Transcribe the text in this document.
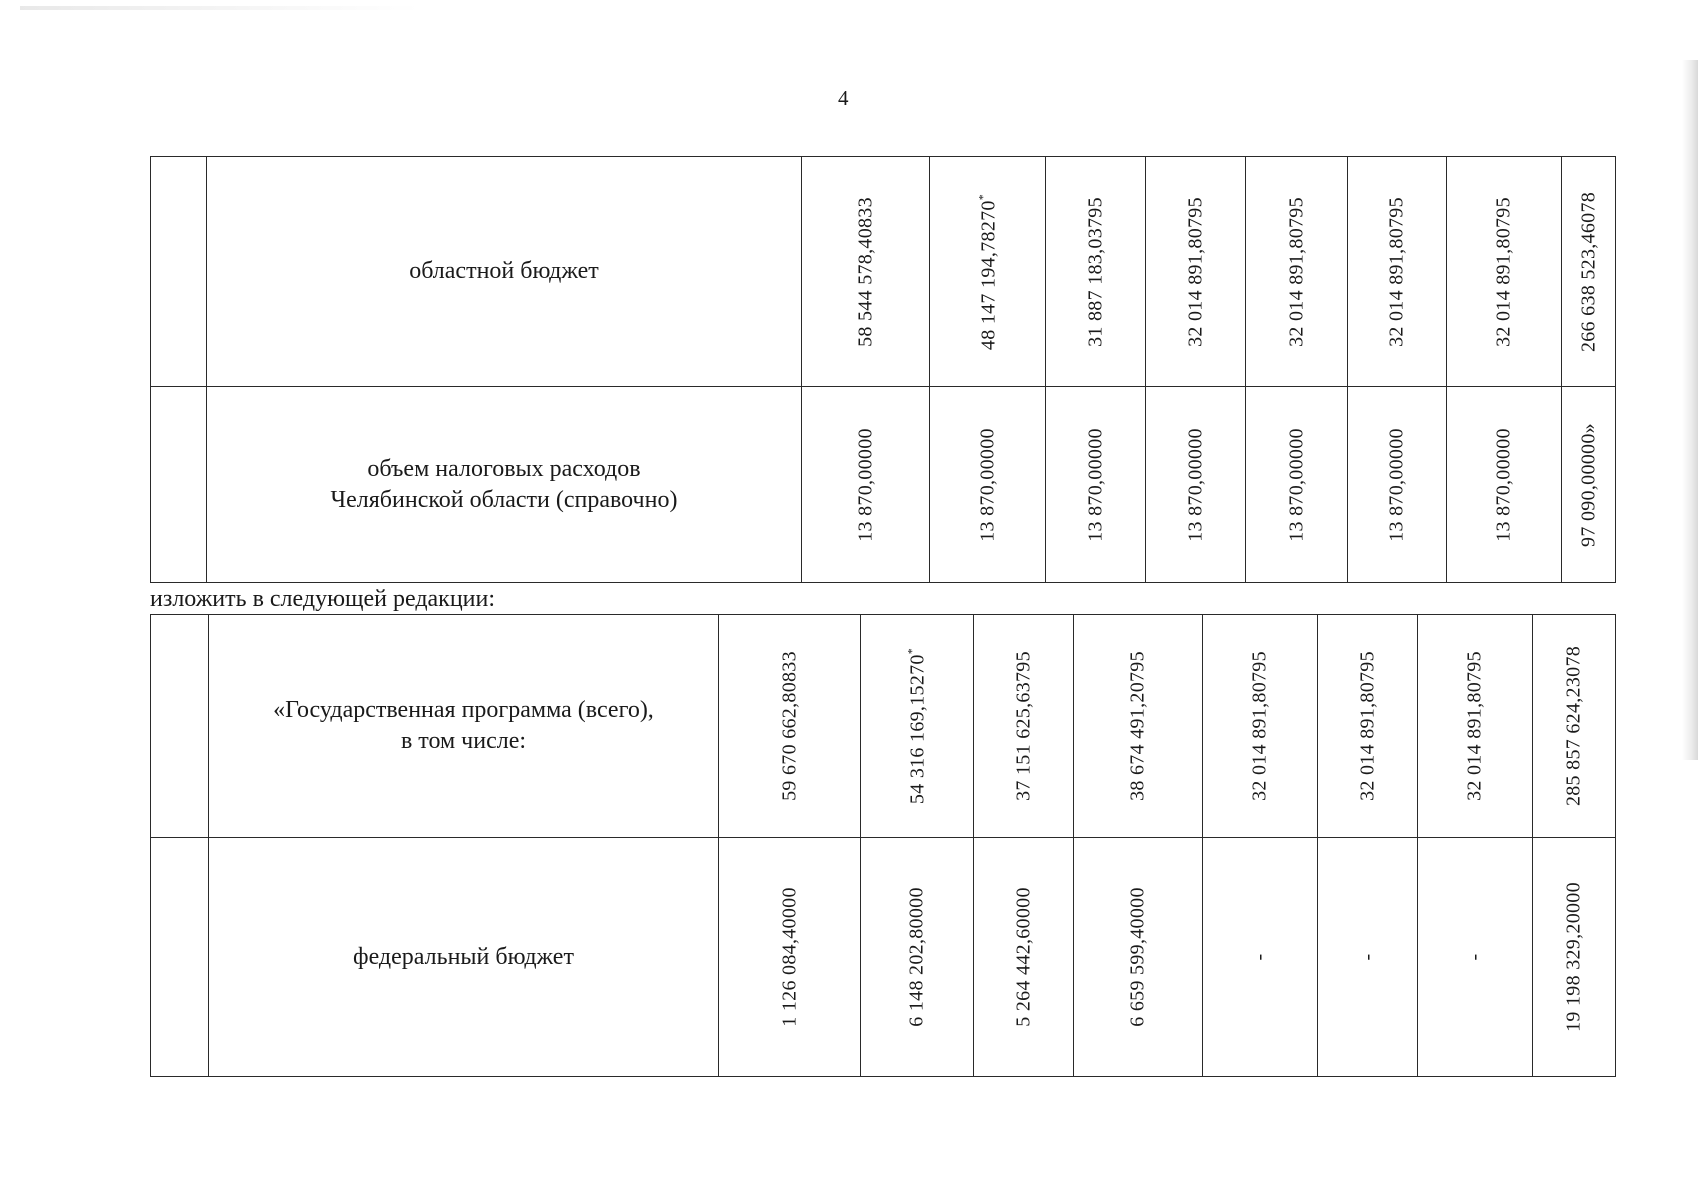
4

	областной бюджет	58 544 578,40833	48 147 194,78270*	31 887 183,03795	32 014 891,80795	32 014 891,80795	32 014 891,80795	32 014 891,80795	266 638 523,46078

	объем налоговых расходов
Челябинской области (справочно)	13 870,00000	13 870,00000	13 870,00000	13 870,00000	13 870,00000	13 870,00000	13 870,00000	97 090,00000»
изложить в следующей редакции:

	«Государственная программа (всего),
в том числе:	59 670 662,80833	54 316 169,15270*	37 151 625,63795	38 674 491,20795	32 014 891,80795	32 014 891,80795	32 014 891,80795	285 857 624,23078

	федеральный бюджет	1 126 084,40000	6 148 202,80000	5 264 442,60000	6 659 599,40000	-	-	-	19 198 329,20000
